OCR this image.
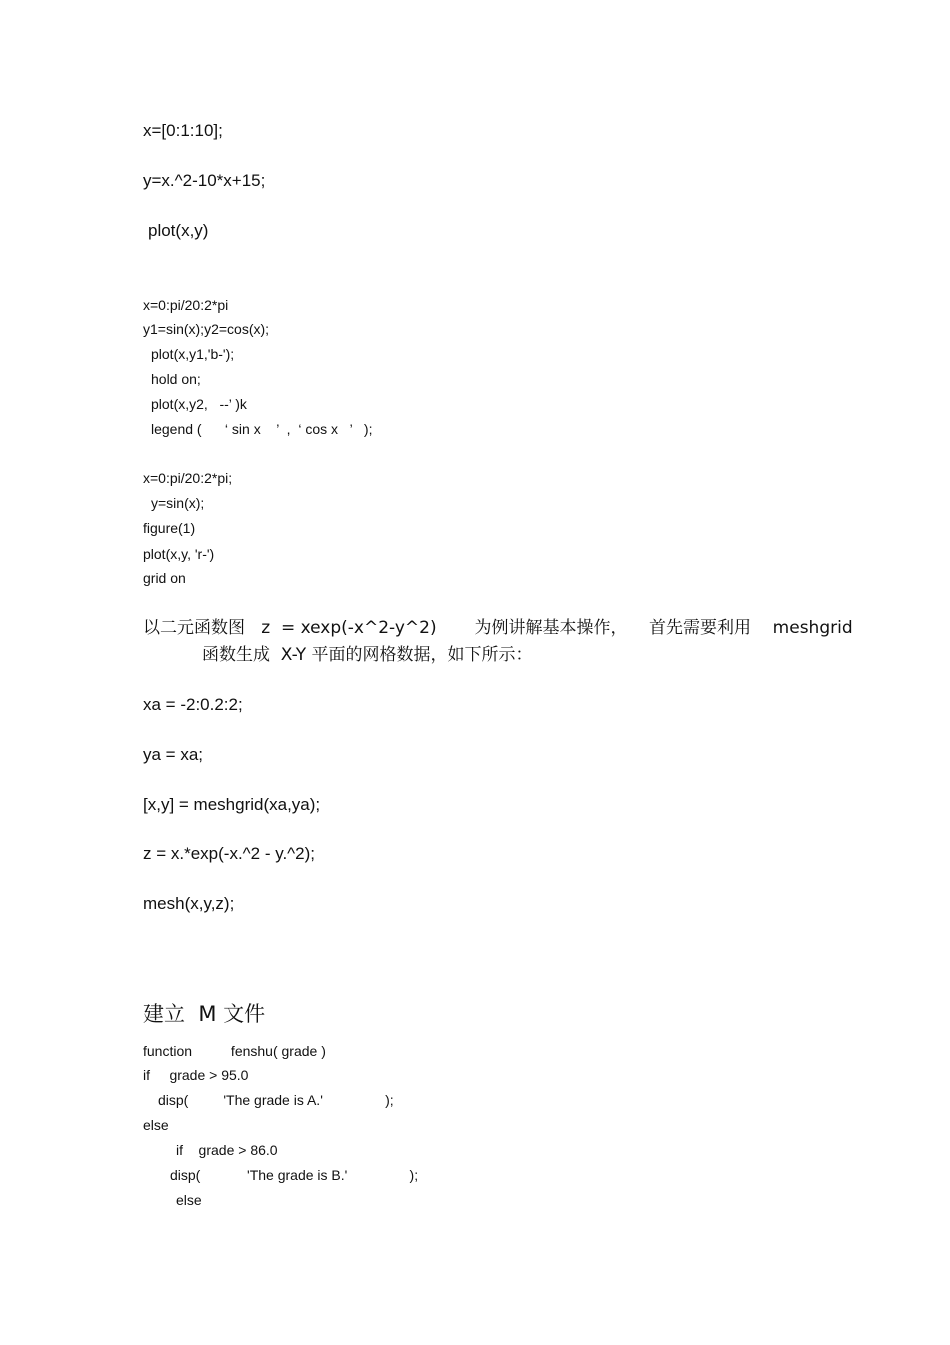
x=[0:1:10];
y=x.^2-10*x+15;
plot(x,y)
x=0:pi/20:2*pi
y1=sin(x);y2=cos(x);
plot(x,y1,'b-');
hold on;
plot(x,y2,   --’ )k
legend (      ‘ sin x    ’  ,  ‘ cos x   ’   );
x=0:pi/20:2*pi;
y=sin(x);
figure(1)
plot(x,y, 'r-')
grid on
以二元函数图   z  = xexp(-x^2-y^2)       为例讲解基本操作，    首先需要利用    meshgrid
函数生成  X-Y 平面的网格数据，如下所示：
xa = -2:0.2:2;
ya = xa;
[x,y] = meshgrid(xa,ya);
z = x.*exp(-x.^2 - y.^2);
mesh(x,y,z);
建立  M 文件
function          fenshu( grade )
if     grade > 95.0
disp(         'The grade is A.'                );
else
if    grade > 86.0
disp(            'The grade is B.'                );
else
